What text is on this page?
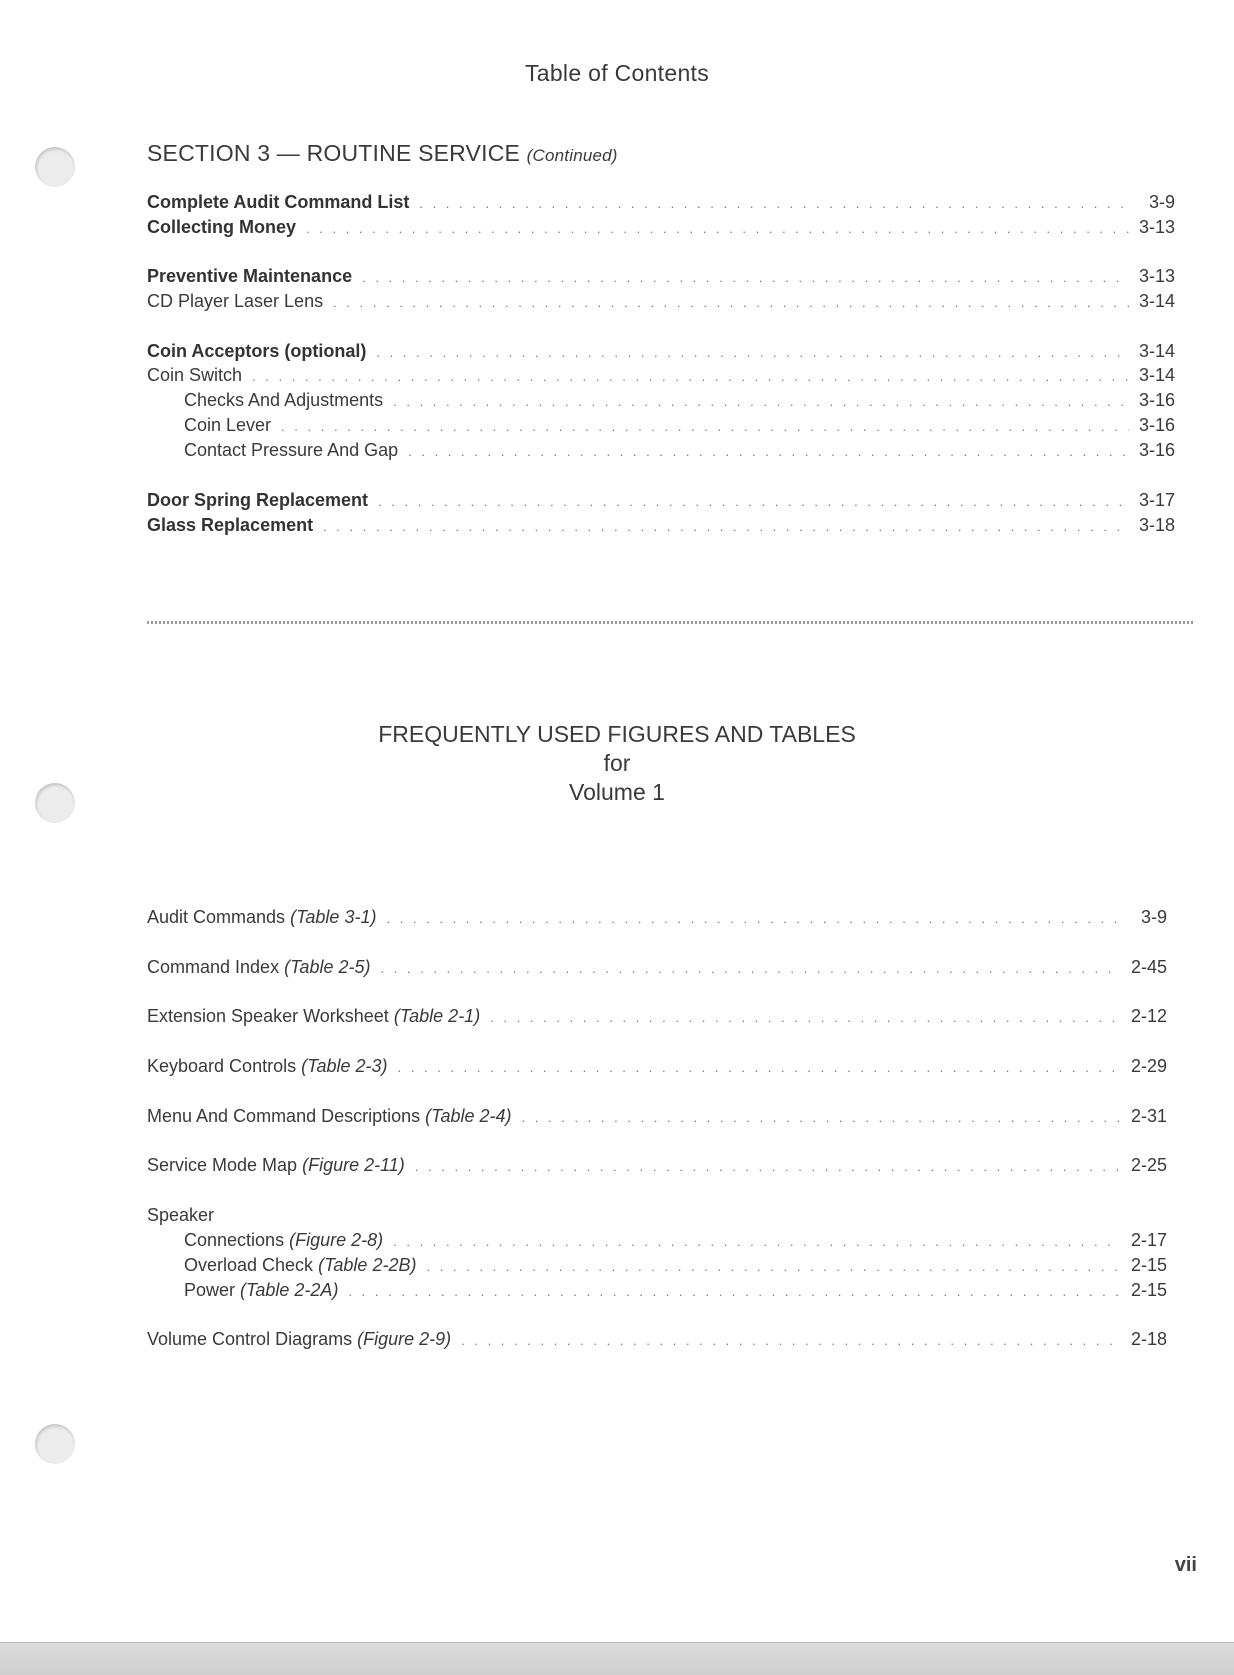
Table of Contents
SECTION 3 — ROUTINE SERVICE (Continued)
Complete Audit Command List . . .	3-9
Collecting Money . . .	3-13
Preventive Maintenance . . .	3-13
CD Player Laser Lens . . .	3-14
Coin Acceptors (optional) . . .	3-14
Coin Switch . . .	3-14
Checks And Adjustments . . .	3-16
Coin Lever . . .	3-16
Contact Pressure And Gap . . .	3-16
Door Spring Replacement . . .	3-17
Glass Replacement . . .	3-18
FREQUENTLY USED FIGURES AND TABLES
for
Volume 1
Audit Commands (Table 3-1) . . .	3-9
Command Index (Table 2-5) . . .	2-45
Extension Speaker Worksheet (Table 2-1) . . .	2-12
Keyboard Controls (Table 2-3) . . .	2-29
Menu And Command Descriptions (Table 2-4) . . .	2-31
Service Mode Map (Figure 2-11) . . .	2-25
Speaker
Connections (Figure 2-8) . . .	2-17
Overload Check (Table 2-2B) . . .	2-15
Power (Table 2-2A) . . .	2-15
Volume Control Diagrams (Figure 2-9) . . .	2-18
vii
